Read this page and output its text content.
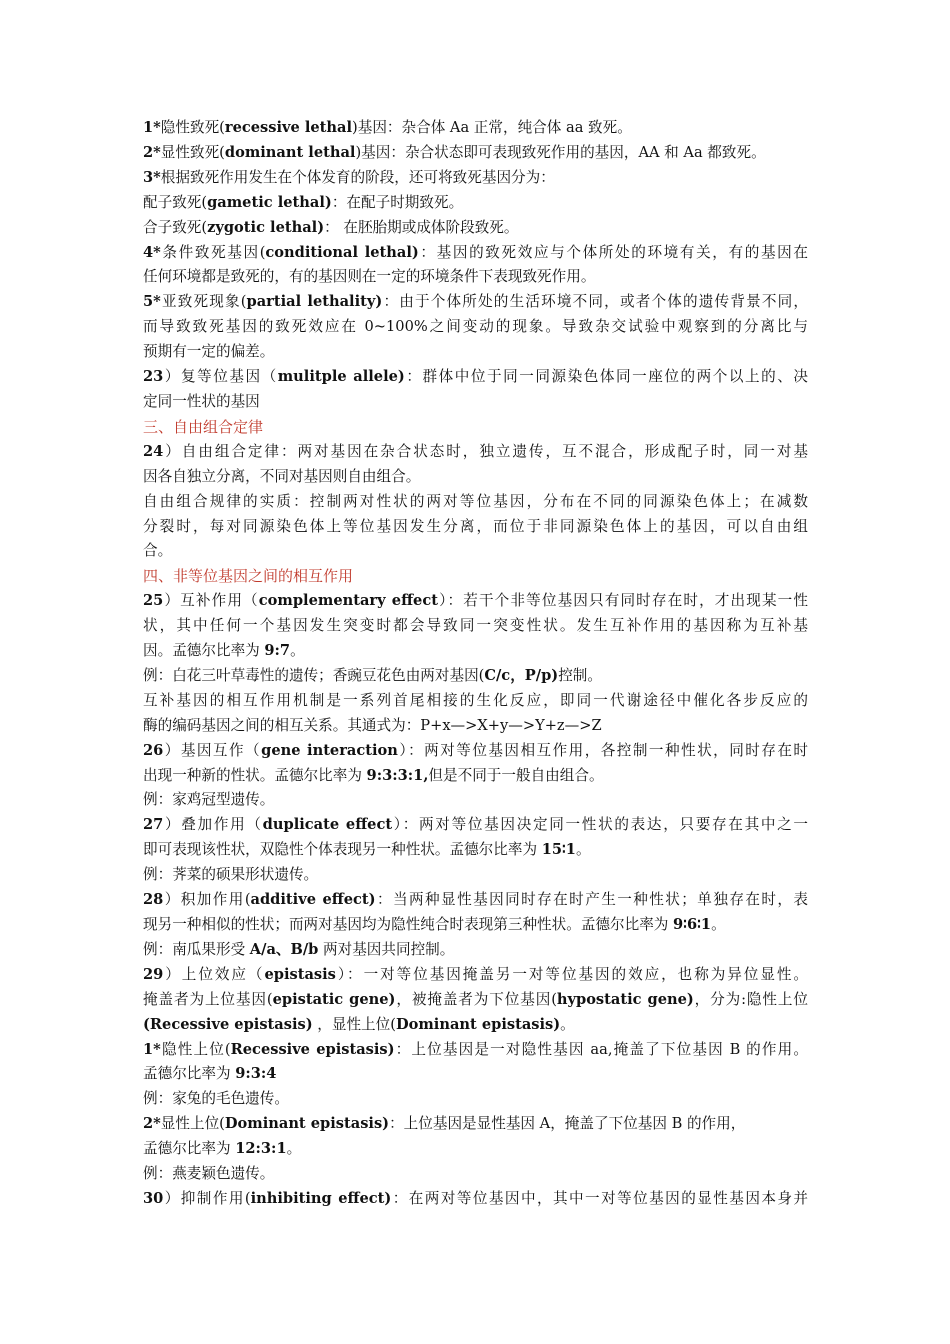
1*隐性致死(recessive lethal)基因：杂合体 Aa 正常，纯合体 aa 致死。
2*显性致死(dominant lethal)基因：杂合状态即可表现致死作用的基因，AA 和 Aa 都致死。
3*根据致死作用发生在个体发育的阶段，还可将致死基因分为：
配子致死(gametic lethal)：在配子时期致死。
合子致死(zygotic lethal)： 在胚胎期或成体阶段致死。
4*条件致死基因(conditional lethal)：基因的致死效应与个体所处的环境有关，有的基因在
任何环境都是致死的，有的基因则在一定的环境条件下表现致死作用。
5*亚致死现象(partial lethality)：由于个体所处的生活环境不同，或者个体的遗传背景不同，
而导致致死基因的致死效应在 0~100%之间变动的现象。导致杂交试验中观察到的分离比与
预期有一定的偏差。
23）复等位基因（mulitple allele)：群体中位于同一同源染色体同一座位的两个以上的、决
定同一性状的基因
三、自由组合定律
24）自由组合定律：两对基因在杂合状态时，独立遗传，互不混合，形成配子时，同一对基
因各自独立分离，不同对基因则自由组合。
自由组合规律的实质：控制两对性状的两对等位基因，分布在不同的同源染色体上；在减数
分裂时，每对同源染色体上等位基因发生分离，而位于非同源染色体上的基因，可以自由组
合。
四、非等位基因之间的相互作用
25）互补作用（complementary effect）：若干个非等位基因只有同时存在时，才出现某一性
状，其中任何一个基因发生突变时都会导致同一突变性状。发生互补作用的基因称为互补基
因。孟德尔比率为 9:7。
例：白花三叶草毒性的遗传；香豌豆花色由两对基因(C/c，P/p)控制。
互补基因的相互作用机制是一系列首尾相接的生化反应，即同一代谢途径中催化各步反应的
酶的编码基因之间的相互关系。其通式为：P+x—>X+y—>Y+z—>Z
26）基因互作（gene interaction）：两对等位基因相互作用，各控制一种性状，同时存在时
出现一种新的性状。孟德尔比率为 9:3:3:1,但是不同于一般自由组合。
例：家鸡冠型遗传。
27）叠加作用（duplicate effect）：两对等位基因决定同一性状的表达，只要存在其中之一
即可表现该性状，双隐性个体表现另一种性状。孟德尔比率为 15∶1。
例：荠菜的硕果形状遗传。
28）积加作用(additive effect)：当两种显性基因同时存在时产生一种性状；单独存在时，表
现另一种相似的性状；而两对基因均为隐性纯合时表现第三种性状。孟德尔比率为 9∶6∶1。
例：南瓜果形受 A/a、B/b 两对基因共同控制。
29）上位效应（epistasis）：一对等位基因掩盖另一对等位基因的效应，也称为异位显性。
掩盖者为上位基因(epistatic gene)，被掩盖者为下位基因(hypostatic gene)，分为:隐性上位
(Recessive epistasis) ，显性上位(Dominant epistasis)。
1*隐性上位(Recessive epistasis)：上位基因是一对隐性基因 aa,掩盖了下位基因 B 的作用。
孟德尔比率为 9:3:4
例：家兔的毛色遗传。
2*显性上位(Dominant epistasis)：上位基因是显性基因 A，掩盖了下位基因 B 的作用，
孟德尔比率为 12:3:1。
例：燕麦颖色遗传。
30）抑制作用(inhibiting effect)：在两对等位基因中，其中一对等位基因的显性基因本身并
